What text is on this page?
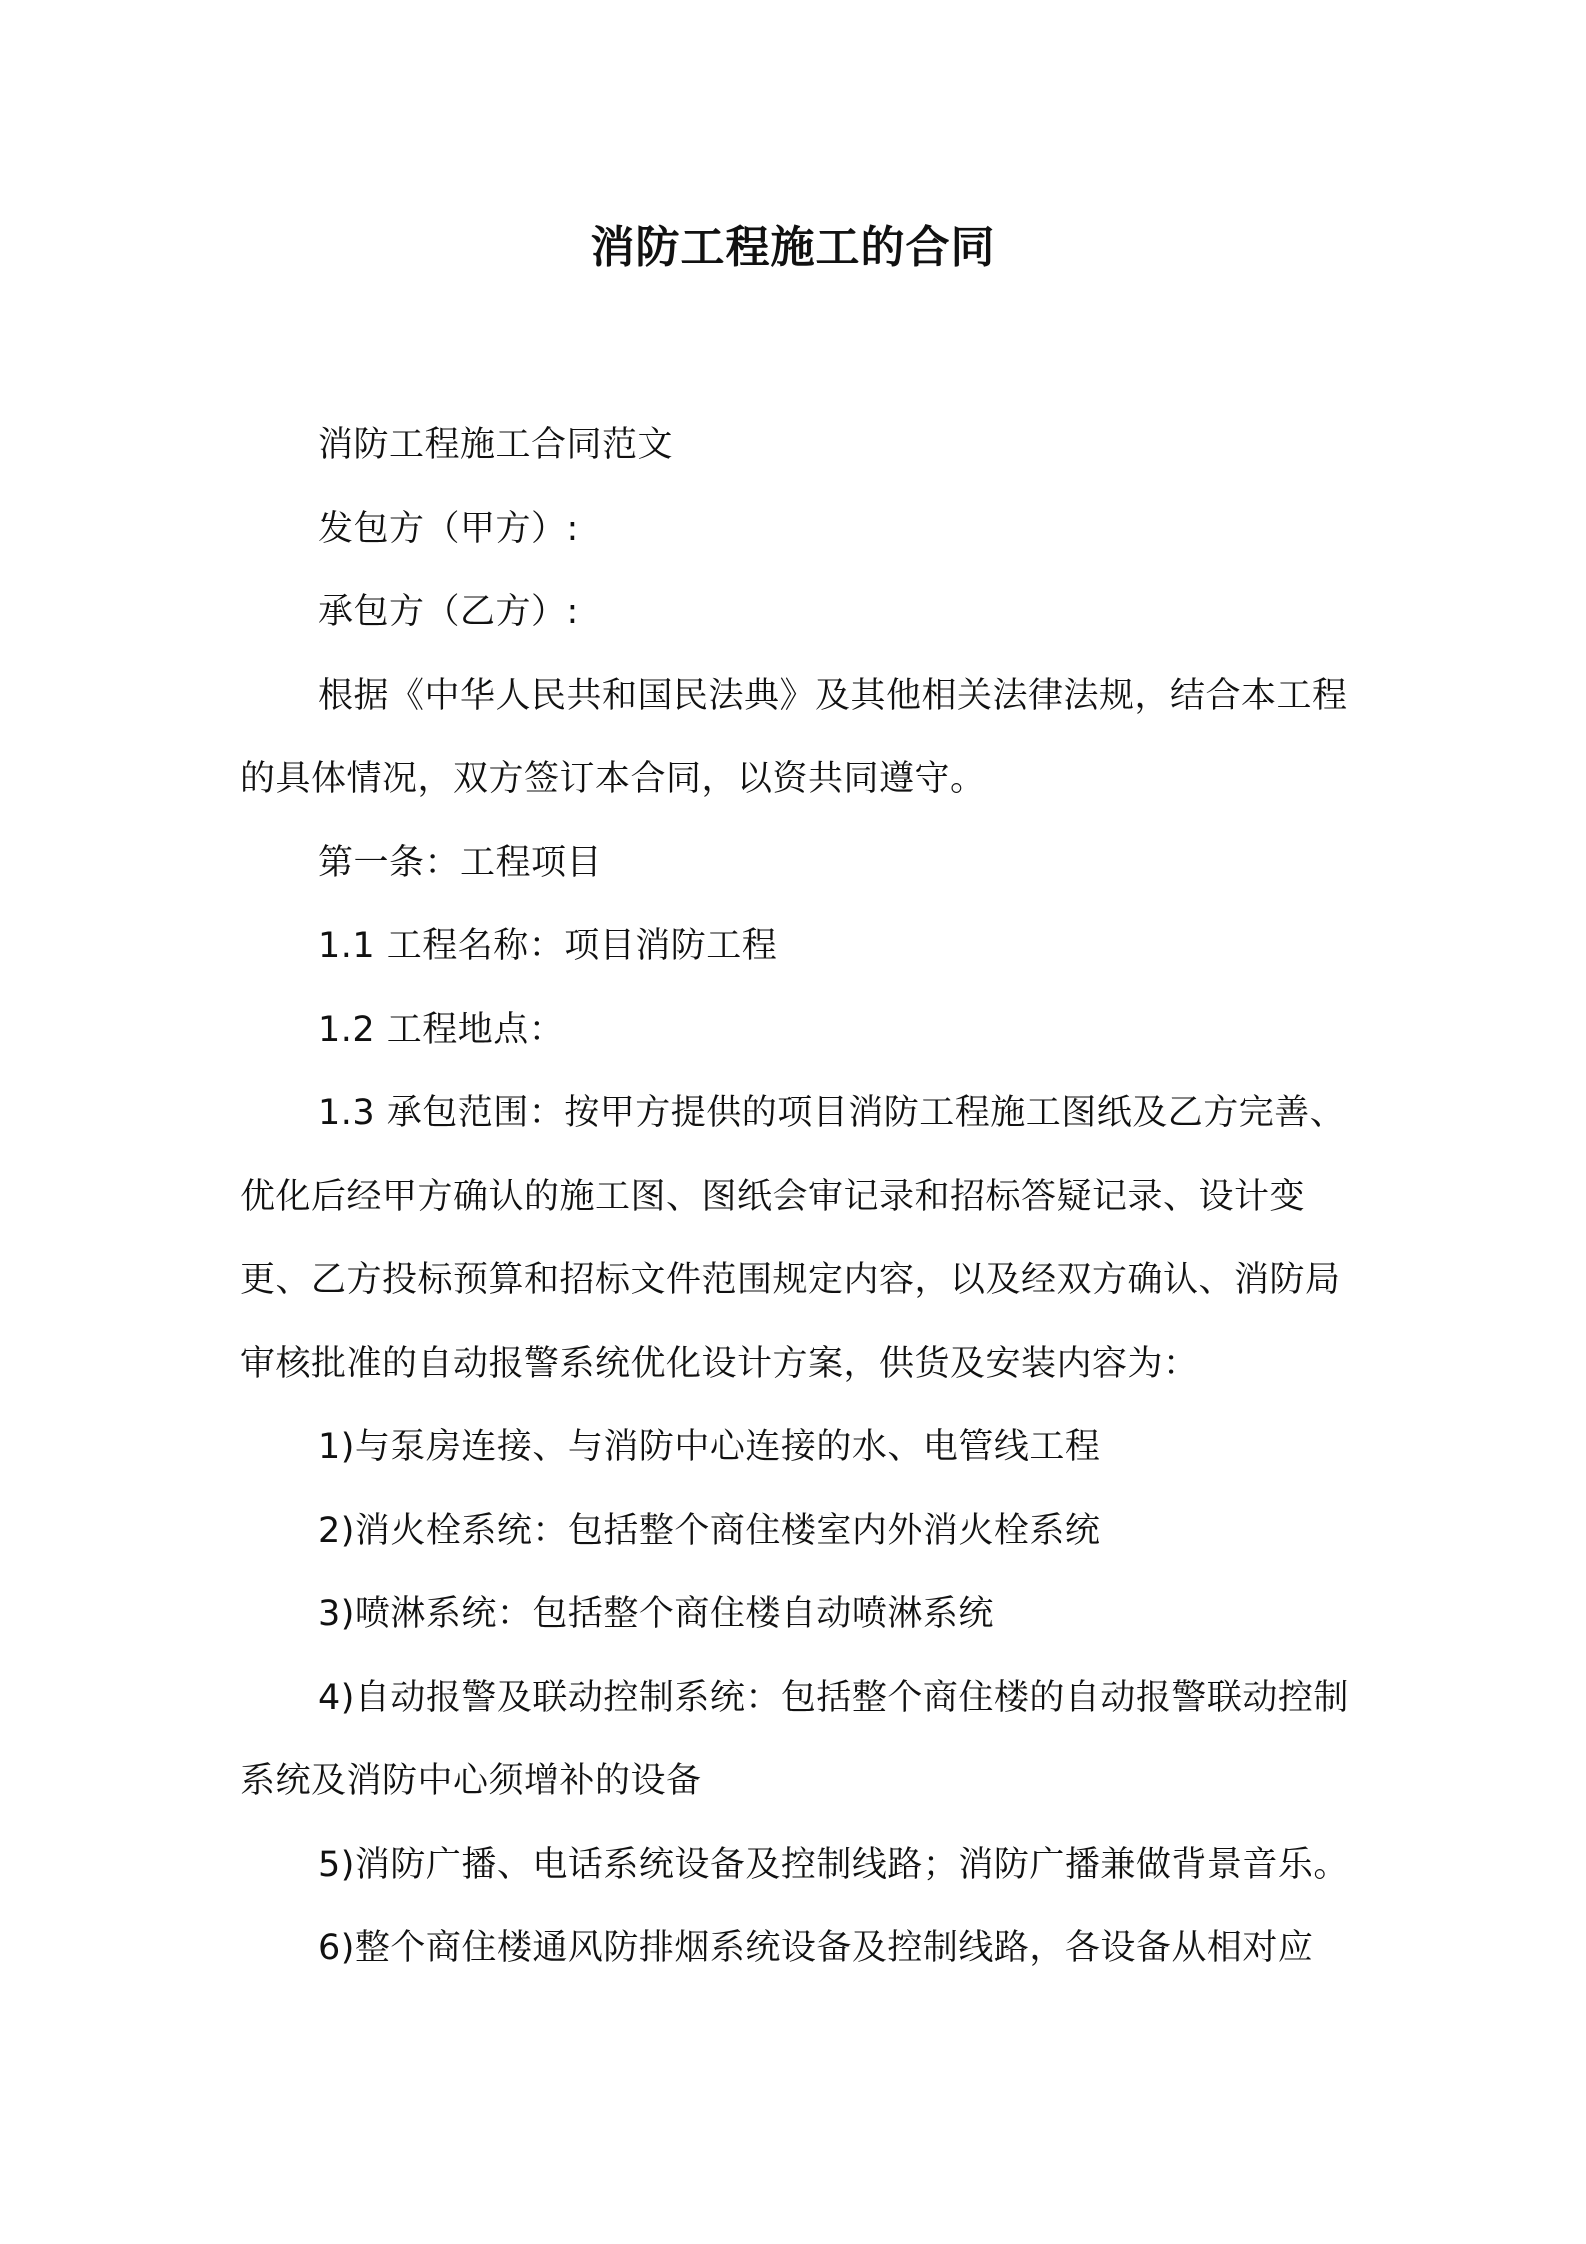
消防工程施工的合同

消防工程施工合同范文

发包方（甲方）:

承包方（乙方）:

根据《中华人民共和国民法典》及其他相关法律法规，结合本工程的具体情况，双方签订本合同，以资共同遵守。

第一条：工程项目

1.1 工程名称：项目消防工程

1.2 工程地点：

1.3 承包范围：按甲方提供的项目消防工程施工图纸及乙方完善、优化后经甲方确认的施工图、图纸会审记录和招标答疑记录、设计变更、乙方投标预算和招标文件范围规定内容，以及经双方确认、消防局审核批准的自动报警系统优化设计方案，供货及安装内容为：

1)与泵房连接、与消防中心连接的水、电管线工程

2)消火栓系统：包括整个商住楼室内外消火栓系统

3)喷淋系统：包括整个商住楼自动喷淋系统

4)自动报警及联动控制系统：包括整个商住楼的自动报警联动控制系统及消防中心须增补的设备

5)消防广播、电话系统设备及控制线路；消防广播兼做背景音乐。

6)整个商住楼通风防排烟系统设备及控制线路，各设备从相对应
